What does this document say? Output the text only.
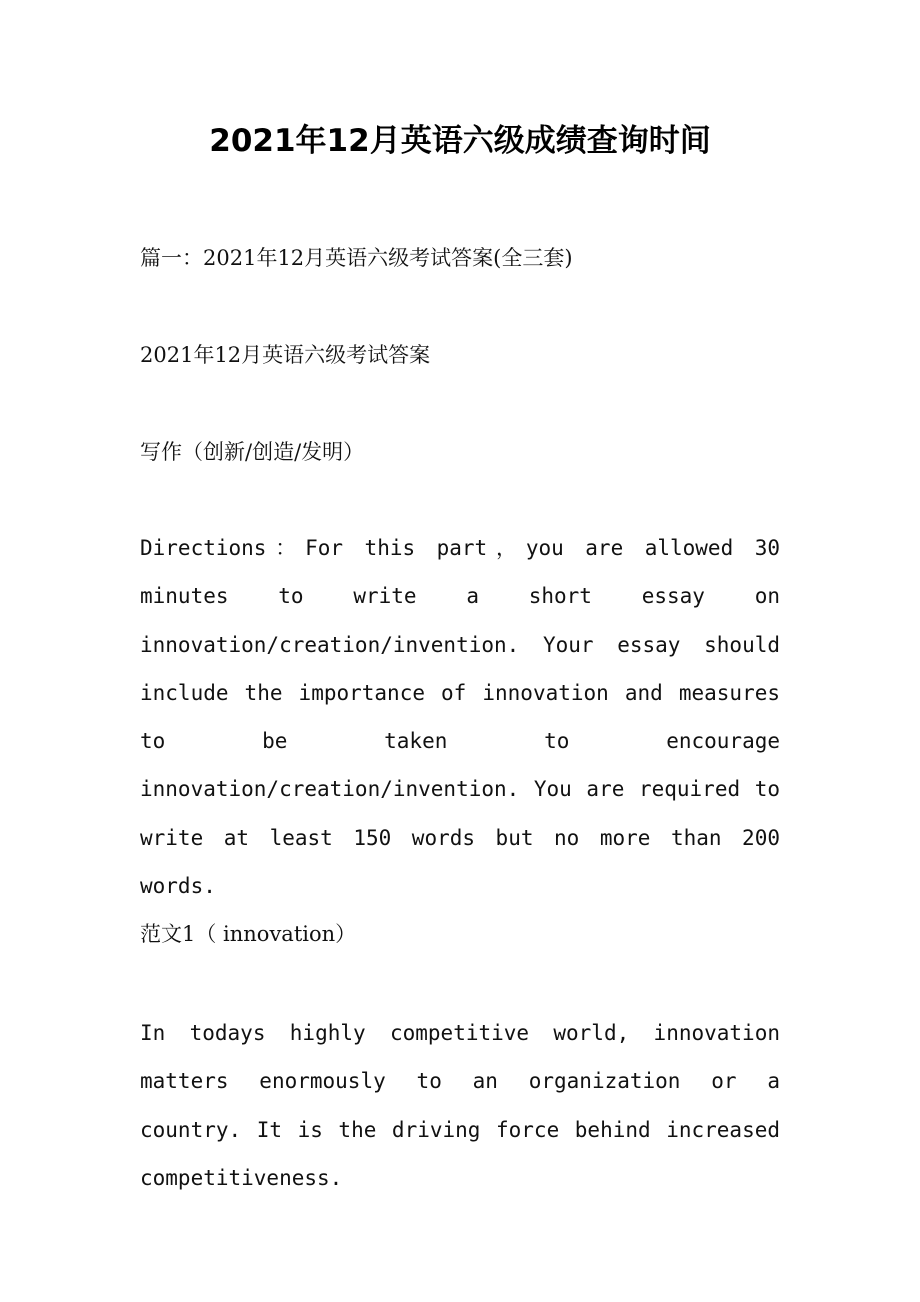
2021年12月英语六级成绩查询时间

篇一：2021年12月英语六级考试答案(全三套)

2021年12月英语六级考试答案

写作（创新/创造/发明）

Directions：For this part，you are allowed 30 minutes to write a short essay on innovation/creation/invention. Your essay should include the importance of innovation and measures to be taken to encourage innovation/creation/invention. You are required to write at least 150 words but no more than 200 words.

范文1（ innovation）

In todays highly competitive world, innovation matters enormously to an organization or a country. It is the driving force behind increased competitiveness.
